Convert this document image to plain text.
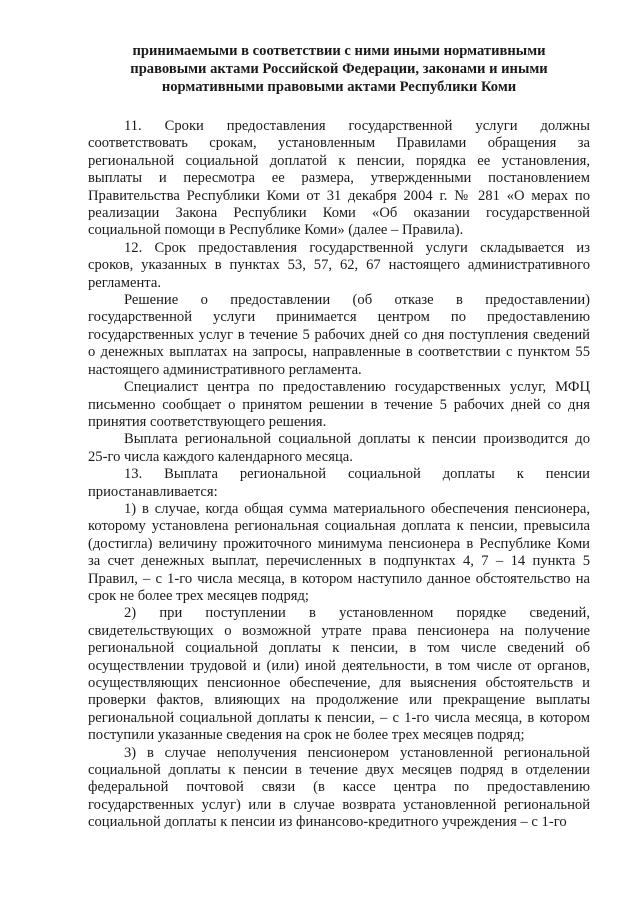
принимаемыми в соответствии с ними иными нормативными
правовыми актами Российской Федерации, законами и иными
нормативными правовыми актами Республики Коми
11. Сроки предоставления государственной услуги должны
соответствовать срокам, установленным Правилами обращения за
региональной социальной доплатой к пенсии, порядка ее установления,
выплаты и пересмотра ее размера, утвержденными постановлением
Правительства Республики Коми от 31 декабря 2004 г. № 281 «О мерах по
реализации Закона Республики Коми «Об оказании государственной
социальной помощи в Республике Коми» (далее – Правила).
12. Срок предоставления государственной услуги складывается из
сроков, указанных в пунктах 53, 57, 62, 67 настоящего административного
регламента.
Решение о предоставлении (об отказе в предоставлении)
государственной услуги принимается центром по предоставлению
государственных услуг в течение 5 рабочих дней со дня поступления сведений
о денежных выплатах на запросы, направленные в соответствии с пунктом 55
настоящего административного регламента.
Специалист центра по предоставлению государственных услуг, МФЦ
письменно сообщает о принятом решении в течение 5 рабочих дней со дня
принятия соответствующего решения.
Выплата региональной социальной доплаты к пенсии производится до
25-го числа каждого календарного месяца.
13. Выплата региональной социальной доплаты к пенсии
приостанавливается:
1) в случае, когда общая сумма материального обеспечения пенсионера,
которому установлена региональная социальная доплата к пенсии, превысила
(достигла) величину прожиточного минимума пенсионера в Республике Коми
за счет денежных выплат, перечисленных в подпунктах 4, 7 – 14 пункта 5
Правил, – с 1-го числа месяца, в котором наступило данное обстоятельство на
срок не более трех месяцев подряд;
2) при поступлении в установленном порядке сведений,
свидетельствующих о возможной утрате права пенсионера на получение
региональной социальной доплаты к пенсии, в том числе сведений об
осуществлении трудовой и (или) иной деятельности, в том числе от органов,
осуществляющих пенсионное обеспечение, для выяснения обстоятельств и
проверки фактов, влияющих на продолжение или прекращение выплаты
региональной социальной доплаты к пенсии, – с 1-го числа месяца, в котором
поступили указанные сведения на срок не более трех месяцев подряд;
3) в случае неполучения пенсионером установленной региональной
социальной доплаты к пенсии в течение двух месяцев подряд в отделении
федеральной почтовой связи (в кассе центра по предоставлению
государственных услуг) или в случае возврата установленной региональной
социальной доплаты к пенсии из финансово-кредитного учреждения – с 1-го
